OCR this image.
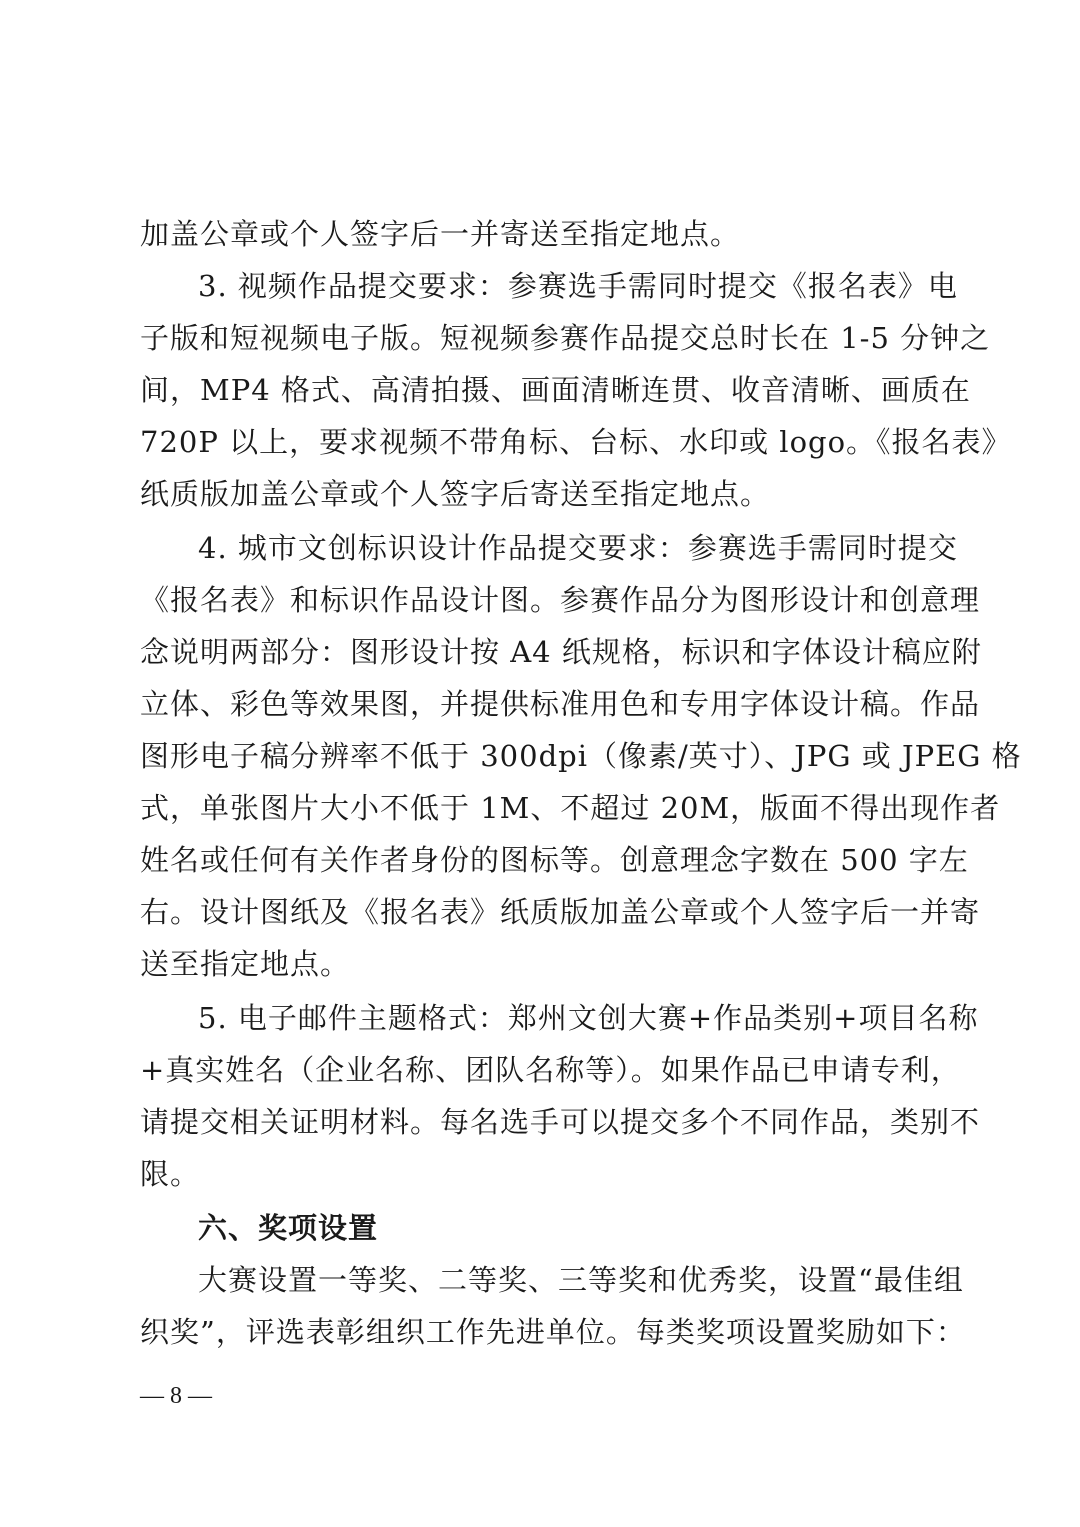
加盖公章或个人签字后一并寄送至指定地点。
3. 视频作品提交要求：参赛选手需同时提交《报名表》电
子版和短视频电子版。短视频参赛作品提交总时长在 1-5 分钟之
间，MP4 格式、高清拍摄、画面清晰连贯、收音清晰、画质在
720P 以上，要求视频不带角标、台标、水印或 logo。《报名表》
纸质版加盖公章或个人签字后寄送至指定地点。
4. 城市文创标识设计作品提交要求：参赛选手需同时提交
《报名表》和标识作品设计图。参赛作品分为图形设计和创意理
念说明两部分：图形设计按 A4 纸规格，标识和字体设计稿应附
立体、彩色等效果图，并提供标准用色和专用字体设计稿。作品
图形电子稿分辨率不低于 300dpi（像素/英寸）、JPG 或 JPEG 格
式，单张图片大小不低于 1M、不超过 20M，版面不得出现作者
姓名或任何有关作者身份的图标等。创意理念字数在 500 字左
右。设计图纸及《报名表》纸质版加盖公章或个人签字后一并寄
送至指定地点。
5. 电子邮件主题格式：郑州文创大赛+作品类别+项目名称
+真实姓名（企业名称、团队名称等）。如果作品已申请专利，
请提交相关证明材料。每名选手可以提交多个不同作品，类别不
限。
六、奖项设置
大赛设置一等奖、二等奖、三等奖和优秀奖，设置“最佳组
织奖”，评选表彰组织工作先进单位。每类奖项设置奖励如下：
— 8 —
